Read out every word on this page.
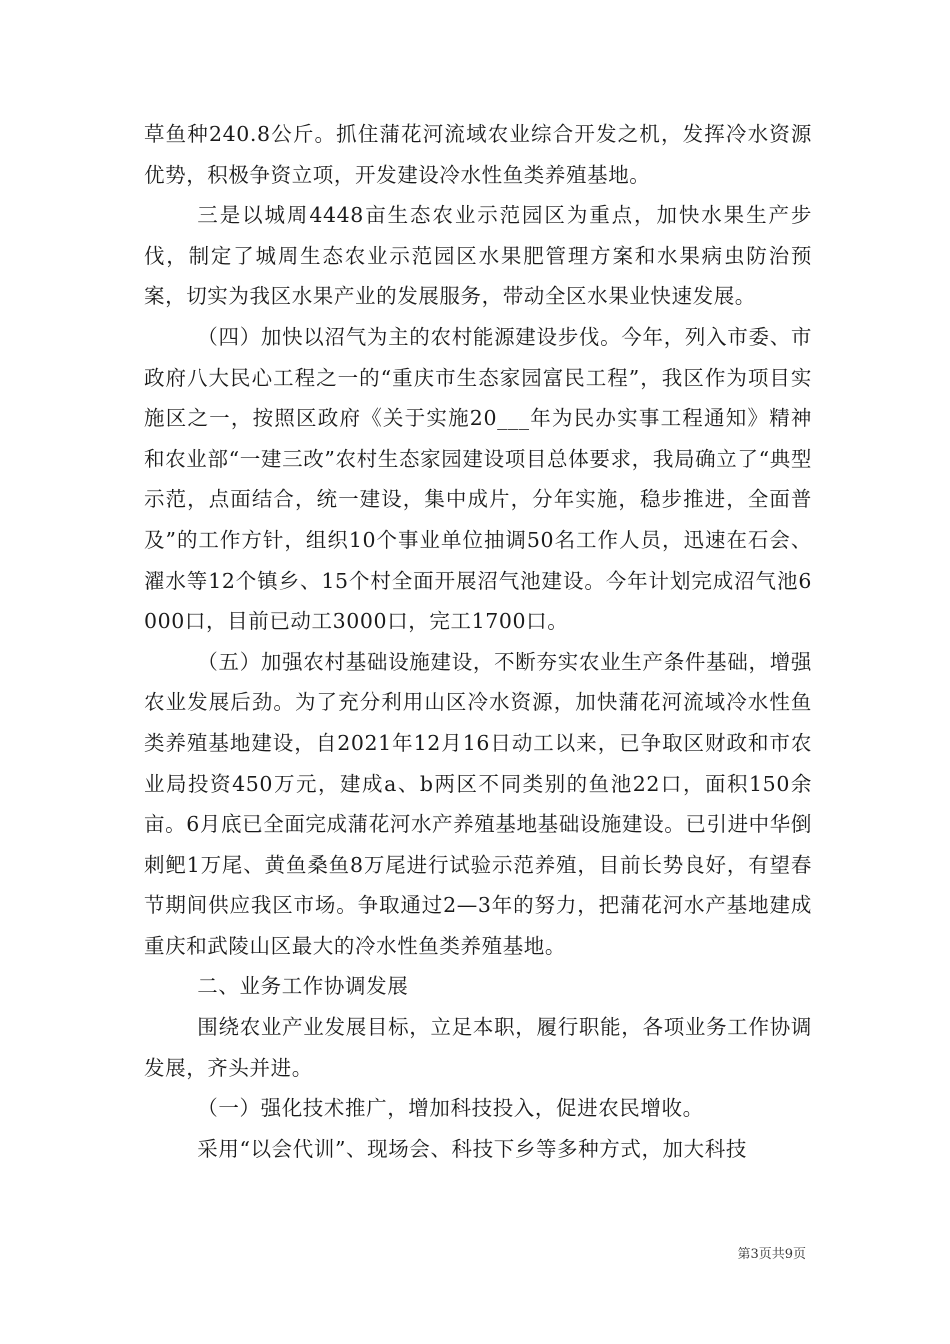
草鱼种240.8公斤。抓住蒲花河流域农业综合开发之机，发挥冷水资源优势，积极争资立项，开发建设冷水性鱼类养殖基地。

三是以城周4448亩生态农业示范园区为重点，加快水果生产步伐，制定了城周生态农业示范园区水果肥管理方案和水果病虫防治预案，切实为我区水果产业的发展服务，带动全区水果业快速发展。

（四）加快以沼气为主的农村能源建设步伐。今年，列入市委、市政府八大民心工程之一的“重庆市生态家园富民工程”，我区作为项目实施区之一，按照区政府《关于实施20___年为民办实事工程通知》精神和农业部“一建三改”农村生态家园建设项目总体要求，我局确立了“典型示范，点面结合，统一建设，集中成片，分年实施，稳步推进，全面普及”的工作方针，组织10个事业单位抽调50名工作人员，迅速在石会、濯水等12个镇乡、15个村全面开展沼气池建设。今年计划完成沼气池6000口，目前已动工3000口，完工1700口。

（五）加强农村基础设施建设，不断夯实农业生产条件基础，增强农业发展后劲。为了充分利用山区冷水资源，加快蒲花河流域冷水性鱼类养殖基地建设，自2021年12月16日动工以来，已争取区财政和市农业局投资450万元，建成a、b两区不同类别的鱼池22口，面积150余亩。6月底已全面完成蒲花河水产养殖基地基础设施建设。已引进中华倒刺鲃1万尾、黄鱼桑鱼8万尾进行试验示范养殖，目前长势良好，有望春节期间供应我区市场。争取通过2—3年的努力，把蒲花河水产基地建成重庆和武陵山区最大的冷水性鱼类养殖基地。

二、业务工作协调发展

围绕农业产业发展目标，立足本职，履行职能，各项业务工作协调发展，齐头并进。

（一）强化技术推广，增加科技投入，促进农民增收。

采用“以会代训”、现场会、科技下乡等多种方式，加大科技

第3页共9页
